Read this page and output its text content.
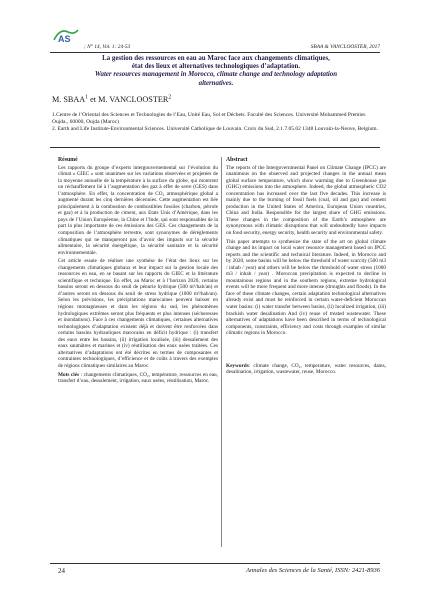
AS
; N° 14, Vol. 1: 24-53	SBAA & VANCLOOSTER, 2017
La gestion des ressources en eau au Maroc face aux changements climatiques,
état des lieux et alternatives technologiques d’adaptation.
Water resources management in Morocco, climate change and technology adaptation
alternatives.
M. SBAA$^1$ et M. VANCLOOSTER$^2$
1.Centre de l’Oriental des Sciences et Technologies de l’Eau, Unité Eau, Sol et Déchets. Faculté des Sciences. Université Mohammed Premier. Oujda., 60000, Oujda (Maroc)
2. Earth and Life Institute-Environmental Sciences. Université Catholique de Louvain. Croix du Sud, 2.1.7.05.02 1348 Louvain-la-Neuve, Belgium.
Résumé

Les rapports du groupe d’experts intergouvernemental sur l’évolution du climat « GIEC » sont unanimes sur les variations observées et projetées de la moyenne annuelle de la température à la surface du globe, qui montrent un réchauffement lié à l’augmentation des gaz à effet de serre (GES) dans l’atmosphère. En effet, la concentration de CO₂ atmosphérique global a augmenté durant les cinq dernières décennies. Cette augmentation est liée principalement à la combustion de combustibles fossiles (charbon, pétrole et gaz) et à la production de ciment, aux Etats Unis d’Amérique, dans les pays de l’Union Européenne, la Chine et l’Inde, qui sont responsables de la part la plus importante de ces émissions des GES. Ces changements de la composition de l’atmosphère terrestre, sont synonymes de dérèglements climatiques qui ne manqueront pas d’avoir des impacts sur la sécurité alimentaire, la sécurité énergétique, la sécurité sanitaire et la sécurité environnementale.

Cet article essaie de réaliser une synthèse de l’état des lieux sur les changements climatiques globaux et leur impact sur la gestion locale des ressources en eau, en se basant sur les rapports du GIEC et la littérature scientifique et technique. En effet, au Maroc et à l’horizon 2020, certains bassins seront en dessous du seuil de pénurie hydrique (500 m³/hab/an) et d’autres seront en dessous du seuil de stress hydrique (1000 m³/hab/an). Selon les prévisions, les précipitations marocaines peuvent baisser en régions montagneuses et dans les régions du sud, les phénomènes hydrologiques extrêmes seront plus fréquents et plus intenses (sécheresses et inondations). Face à ces changements climatiques, certaines alternatives technologiques d’adaptation existent déjà et doivent être renforcées dans certains bassins hydrauliques marocains en déficit hydrique : (i) transfert des eaux entre les bassins, (ii) irrigation localisée, (iii) dessalement des eaux saumâtres et marines et (iv) réutilisation des eaux usées traitées. Ces alternatives d’adaptations ont été décrites en termes de composantes et contraintes technologiques, d’efficience et de coûts à travers des exemples de régions climatiques similaires au Maroc.

Mots clés : changements climatiques, CO₂, température, ressources en eau, transfert d’eau, dessalement, irrigation, eaux usées, réutilisation, Maroc.
Abstract

The reports of the Intergovernmental Panel on Climate Change (IPCC) are unanimous on the observed and projected changes in the annual mean global surface temperature, which show warming due to Greenhouse gas (GHG) emissions into the atmosphere. Indeed, the global atmospheric CO2 concentration has increased over the last five decades. This increase is mainly due to the burning of fossil fuels (coal, oil and gas) and cement production in the United States of America, European Union countries, China and India. Responsible for the largest share of GHG emissions. These changes in the composition of the Earth’s atmosphere are synonymous with climatic disruptions that will undoubtedly have impacts on food security, energy security, health security and environmental safety.

This paper attempts to synthesize the state of the art on global climate change and its impact on local water resource management based on IPCC reports and the scientific and technical literature. Indeed, in Morocco and by 2020, some basins will be below the threshold of water scarcity (500 m3 / inhab / year) and others will be below the threshold of water stress (1000 m3 / inhab / year) . Moroccan precipitation is expected to decline in mountainous regions and in the southern regions, extreme hydrological events will be more frequent and more intense (droughts and floods). In the face of these climate changes, certain adaptation technological alternatives already exist and must be reinforced in certain water-deficient Moroccan water basins: (i) water transfer between basins, (ii) localized irrigation, (iii) brackish water desalination And (iv) reuse of treated wastewater. These alternatives of adaptations have been described in terms of technological components, constraints, efficiency and costs through examples of similar climatic regions in Morocco.

Keywords: climate change, CO₂, temperature, water resources, dams, desalination, irrigation, wastewater, reuse, Morocco.
24	Annales des Sciences de la Santé, ISSN: 2421-8936
